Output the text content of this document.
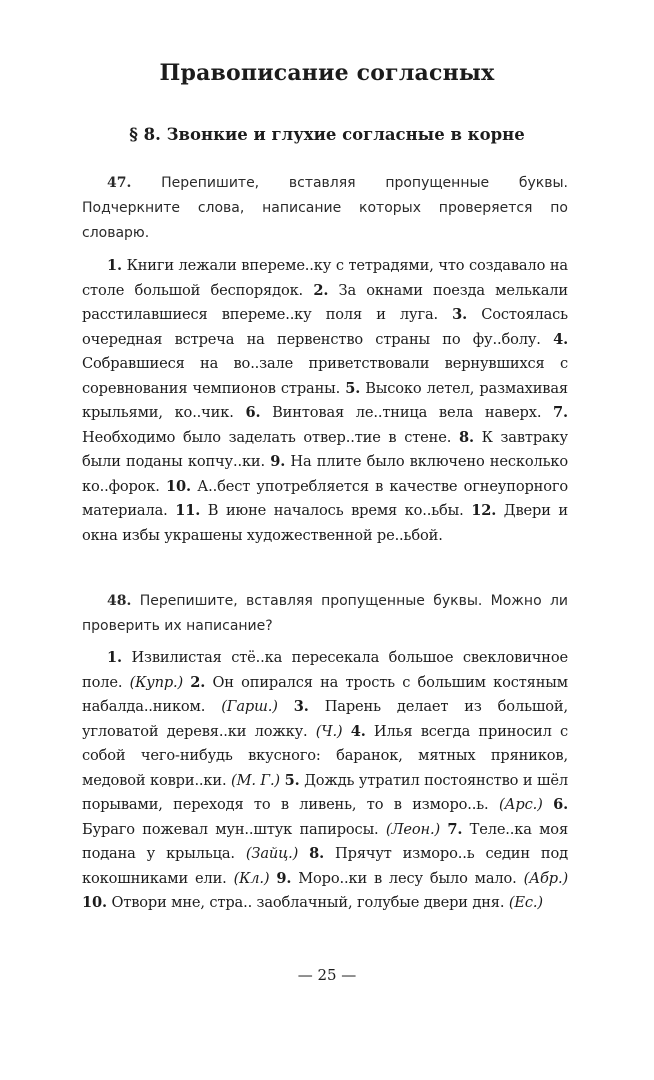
Правописание согласных
§ 8. Звонкие и глухие согласные в корне

47. Перепишите, вставляя пропущенные буквы. Подчеркните слова, написание которых проверяется по словарю.

1. Книги лежали впереме..ку с тетрадями, что создавало на столе большой беспорядок. 2. За окнами поезда мелькали расстилавшиеся впереме..ку поля и луга. 3. Состоялась очередная встреча на первенство страны по фу..болу. 4. Собравшиеся на во..зале приветствовали вернувшихся с соревнования чемпионов страны. 5. Высоко летел, размахивая крыльями, ко..чик. 6. Винтовая ле..тница вела наверх. 7. Необходимо было заделать отвер..тие в стене. 8. К завтраку были поданы копчу..ки. 9. На плите было включено несколько ко..форок. 10. А..бест употребляется в качестве огнеупорного материала. 11. В июне началось время ко..ьбы. 12. Двери и окна избы украшены художественной ре..ьбой.

48. Перепишите, вставляя пропущенные буквы. Можно ли проверить их написание?

1. Извилистая стё..ка пересекала большое свекловичное поле. (Купр.) 2. Он опирался на трость с большим костяным набалда..ником. (Гарш.) 3. Парень делает из большой, угловатой деревя..ки ложку. (Ч.) 4. Илья всегда приносил с собой чего-нибудь вкусного: баранок, мятных пряников, медовой коври..ки. (М. Г.) 5. Дождь утратил постоянство и шёл порывами, переходя то в ливень, то в изморо..ь. (Арс.) 6. Бураго пожевал мун..штук папиросы. (Леон.) 7. Теле..ка моя подана у крыльца. (Зайц.) 8. Прячут изморо..ь седин под кокошниками ели. (Кл.) 9. Моро..ки в лесу было мало. (Абр.) 10. Отвори мне, стра.. заоблачный, голубые двери дня. (Ес.)

— 25 —
